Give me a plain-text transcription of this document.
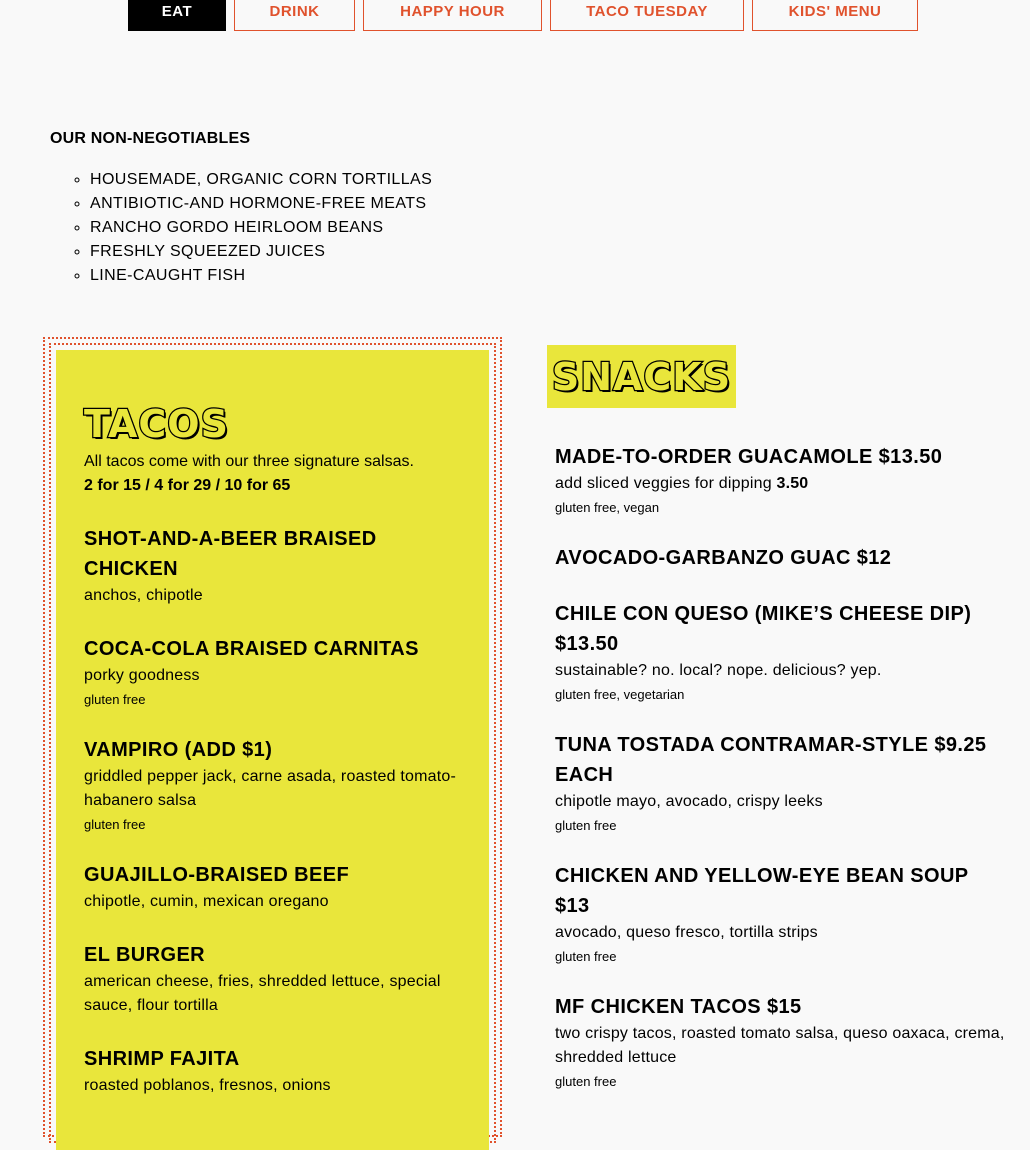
EAT	DRINK	HAPPY HOUR	TACO TUESDAY	KIDS' MENU
OUR NON-NEGOTIABLES
◦ HOUSEMADE, ORGANIC CORN TORTILLAS
◦ ANTIBIOTIC-AND HORMONE-FREE MEATS
◦ RANCHO GORDO HEIRLOOM BEANS
◦ FRESHLY SQUEEZED JUICES
◦ LINE-CAUGHT FISH
TACOS
All tacos come with our three signature salsas.
2 for 15 / 4 for 29 / 10 for 65
SHOT-AND-A-BEER BRAISED CHICKEN
anchos, chipotle
COCA-COLA BRAISED CARNITAS
porky goodness
gluten free
VAMPIRO (ADD $1)
griddled pepper jack, carne asada, roasted tomato-habanero salsa
gluten free
GUAJILLO-BRAISED BEEF
chipotle, cumin, mexican oregano
EL BURGER
american cheese, fries, shredded lettuce, special sauce, flour tortilla
SHRIMP FAJITA
roasted poblanos, fresnos, onions
SNACKS
MADE-TO-ORDER GUACAMOLE $13.50
add sliced veggies for dipping 3.50
gluten free, vegan
AVOCADO-GARBANZO GUAC $12
CHILE CON QUESO (MIKE’S CHEESE DIP) $13.50
sustainable? no. local? nope. delicious? yep.
gluten free, vegetarian
TUNA TOSTADA CONTRAMAR-STYLE $9.25 EACH
chipotle mayo, avocado, crispy leeks
gluten free
CHICKEN AND YELLOW-EYE BEAN SOUP $13
avocado, queso fresco, tortilla strips
gluten free
MF CHICKEN TACOS $15
two crispy tacos, roasted tomato salsa, queso oaxaca, crema, shredded lettuce
gluten free
